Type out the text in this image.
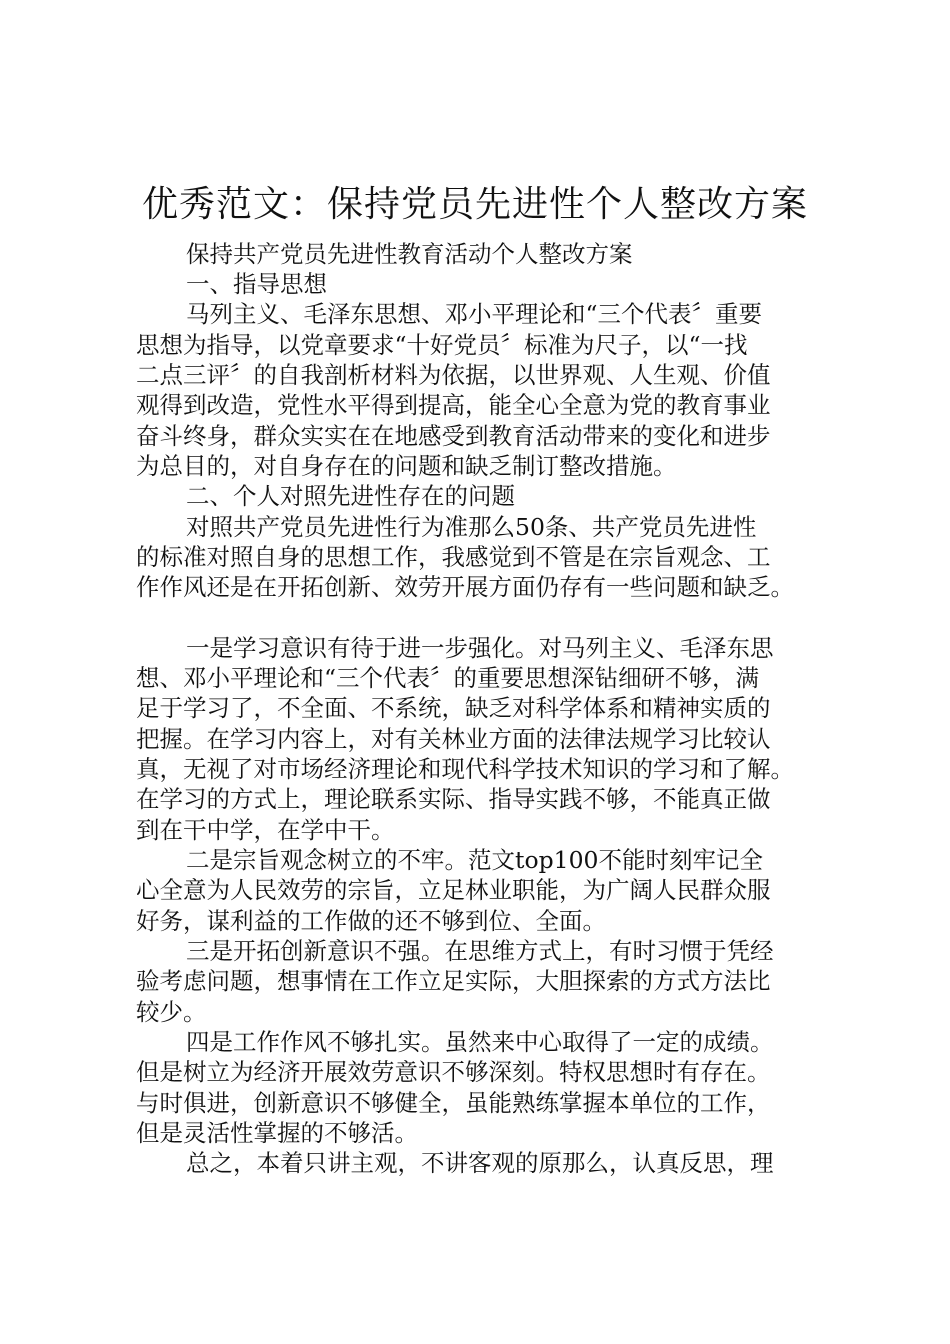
优秀范文：保持党员先进性个人整改方案
保持共产党员先进性教育活动个人整改方案
一、指导思想
马列主义、毛泽东思想、邓小平理论和“三个代表〞重要
思想为指导，以党章要求“十好党员〞标准为尺子，以“一找
二点三评〞的自我剖析材料为依据，以世界观、人生观、价值
观得到改造，党性水平得到提高，能全心全意为党的教育事业
奋斗终身，群众实实在在地感受到教育活动带来的变化和进步
为总目的，对自身存在的问题和缺乏制订整改措施。
二、个人对照先进性存在的问题
对照共产党员先进性行为准那么50条、共产党员先进性
的标准对照自身的思想工作，我感觉到不管是在宗旨观念、工
作作风还是在开拓创新、效劳开展方面仍存有一些问题和缺乏。
一是学习意识有待于进一步强化。对马列主义、毛泽东思
想、邓小平理论和“三个代表〞的重要思想深钻细研不够，满
足于学习了，不全面、不系统，缺乏对科学体系和精神实质的
把握。在学习内容上，对有关林业方面的法律法规学习比较认
真，无视了对市场经济理论和现代科学技术知识的学习和了解。
在学习的方式上，理论联系实际、指导实践不够，不能真正做
到在干中学，在学中干。
二是宗旨观念树立的不牢。范文top100不能时刻牢记全
心全意为人民效劳的宗旨，立足林业职能，为广阔人民群众服
好务，谋利益的工作做的还不够到位、全面。
三是开拓创新意识不强。在思维方式上，有时习惯于凭经
验考虑问题，想事情在工作立足实际，大胆探索的方式方法比
较少。
四是工作作风不够扎实。虽然来中心取得了一定的成绩。
但是树立为经济开展效劳意识不够深刻。特权思想时有存在。
与时俱进，创新意识不够健全，虽能熟练掌握本单位的工作，
但是灵活性掌握的不够活。
总之，本着只讲主观，不讲客观的原那么，认真反思，理
